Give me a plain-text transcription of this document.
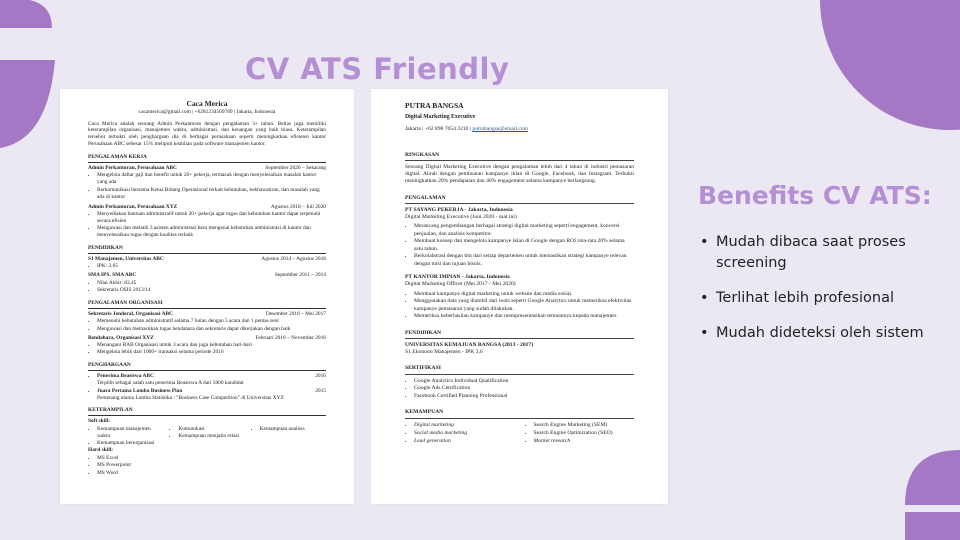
CV ATS Friendly
Caca Merica
cacamerica@gmail.com | +6281234569789 | Jakarta, Indonesia
Caca Merica adalah seorang Admin Perkantoran dengan pengalaman 3+ tahun. Belias juga memiliki keterampilan organisasi, manajemen waktu, administrasi, dan keuangan yang baik biasa. Keterampilan tersebut terbukti oleh penghargaan dia di berbagai perusahaan seperti meningkatkan efisiensi kantor Perusahaan ABC sebesar 15% meliputi keahlian pada software manajemen kantor.
PENGALAMAN KERJA
Admin Perkantoran, Perusahaan ABC	September 2020 – Sekarang
• Mengelola daftar gaji dan benefit untuk 20+ pekerja, termasuk dengan menyelesaikan masalah kantor yang ada
• Berkomunikasi bersama Ketua Bidang Operasional terkait kebutuhan, kekhawatiran, dan masalah yang ada di kantor
Admin Perkantoran, Perusahaan XYZ	Agustus 2018 – Juli 2020
• Menyediakan bantuan administratif untuk 20+ pekerja agar tugas dan kebutuhan kantor dapat terpenuhi secara efisien
• Mengawasi dan melatih 3 asisten administrasi baru mengenai kebutuhan administrasi di kantor dan menyelesaikan tugas dengan kualitas terbaik
PENDIDIKAN
S1 Manajemen, Universitas ABC	Agustus 2014 – Agustus 2018
• IPK: 3,65
SMA IPS, SMA ABC	September 2011 – 2014
• Nilai Akhir: 83,45
• Sekretaris OSIS 2013/14
PENGALAMAN ORGANISASI
Sekretaris Jenderal, Organisasi ABC	Desember 2016 – Mei 2017
• Memenuhi kebutuhan administratif selama 7 bulan dengan 5 acara dan 1 pentas seni
• Mengawasi dan memastikan tugas bendahara dan sekretaris dapat dikerjakan dengan baik
Bendahara, Organisasi XYZ	Februari 2016 – November 2016
• Menangani RAB Organisasi untuk 3 acara dan juga kebutuhan hari-hari
• Mengelola lebih dari 1000+ transaksi selama periode 2016
PENGHARGAAN
• Penerima Beasiswa ABC	2016
Terpilih sebagai salah satu penerima Beasiswa A dari 5000 kandidat
• Juara Pertama Lomba Business Plan	2015
Pemenang utama Lomba Statistika : "Business Case Competition" di Universitas XYZ
KETERAMPILAN
Soft skill:
• Kemampuan manajemen waktu
• Kemampuan berorganisasi
• Komunikasi
• Kemampuan menjalin relasi
• Kemampuan analisis
Hard skill:
• MS Excel
• MS Powerpoint
• MS Word
PUTRA BANGSA
Digital Marketing Executive
Jakarta | +62 898 7654 3210 | putrabangsa@email.com
RINGKASAN
Seorang Digital Marketing Executive dengan pengalaman lebih dari 4 tahun di industri pemasaran digital. Ahrab dengan pembuatan kampanye iklan di Google, Facebook, dan Instagram. Terbukti meningkatkan 20% pendapatan dan 40% engagement selama kampanye berlangsung.
PENGALAMAN
PT SAYANG PEKERJA - Jakarta, Indonesia
Digital Marketing Executive (Juni 2020 - saat ini)
• Merancang pengembangan berbagai strategi digital marketing seperti engagement, konversi penjualan, dan analisis kompetitor.
• Membuat konsep dan mengelola kampanye iklan di Google dengan ROI rata-rata 20% selama satu tahun.
• Berkolaborasi dengan tim dari setiap departemen untuk memastikan strategi kampanye relevan dengan misi dan tujuan bisnis.
PT KANTOR IMPIAN - Jakarta, Indonesia
Digital Marketing Officer (Mei 2017 - Mei 2020)
• Membuat kampanye digital marketing untuk website dan media sosial.
• Menggunakan data yang diambil dari tools seperti Google Analytics untuk memeriksa efektivitas kampanye pemasaran yang sudah dilakukan.
• Memeriksa keberhasilan kampanye dan mempresentasikan temuannya kepada manajemen.
PENDIDIKAN
UNIVERSITAS KEMAJUAN BANGSA (2013 - 2017)
S1 Ekonomi Manajemen - IPK 3,6
SERTIFIKASI
• Google Analytics Individual Qualification
• Google Ads Certification
• Facebook Certified Planning Professional
KEMAMPUAN
• Digital marketing
• Social media marketing
• Lead generation
• Search Engine Marketing (SEM)
• Search Engine Optimization (SEO)
• Market research
Benefits CV ATS:
• Mudah dibaca saat proses screening
• Terlihat lebih profesional
• Mudah dideteksi oleh sistem
